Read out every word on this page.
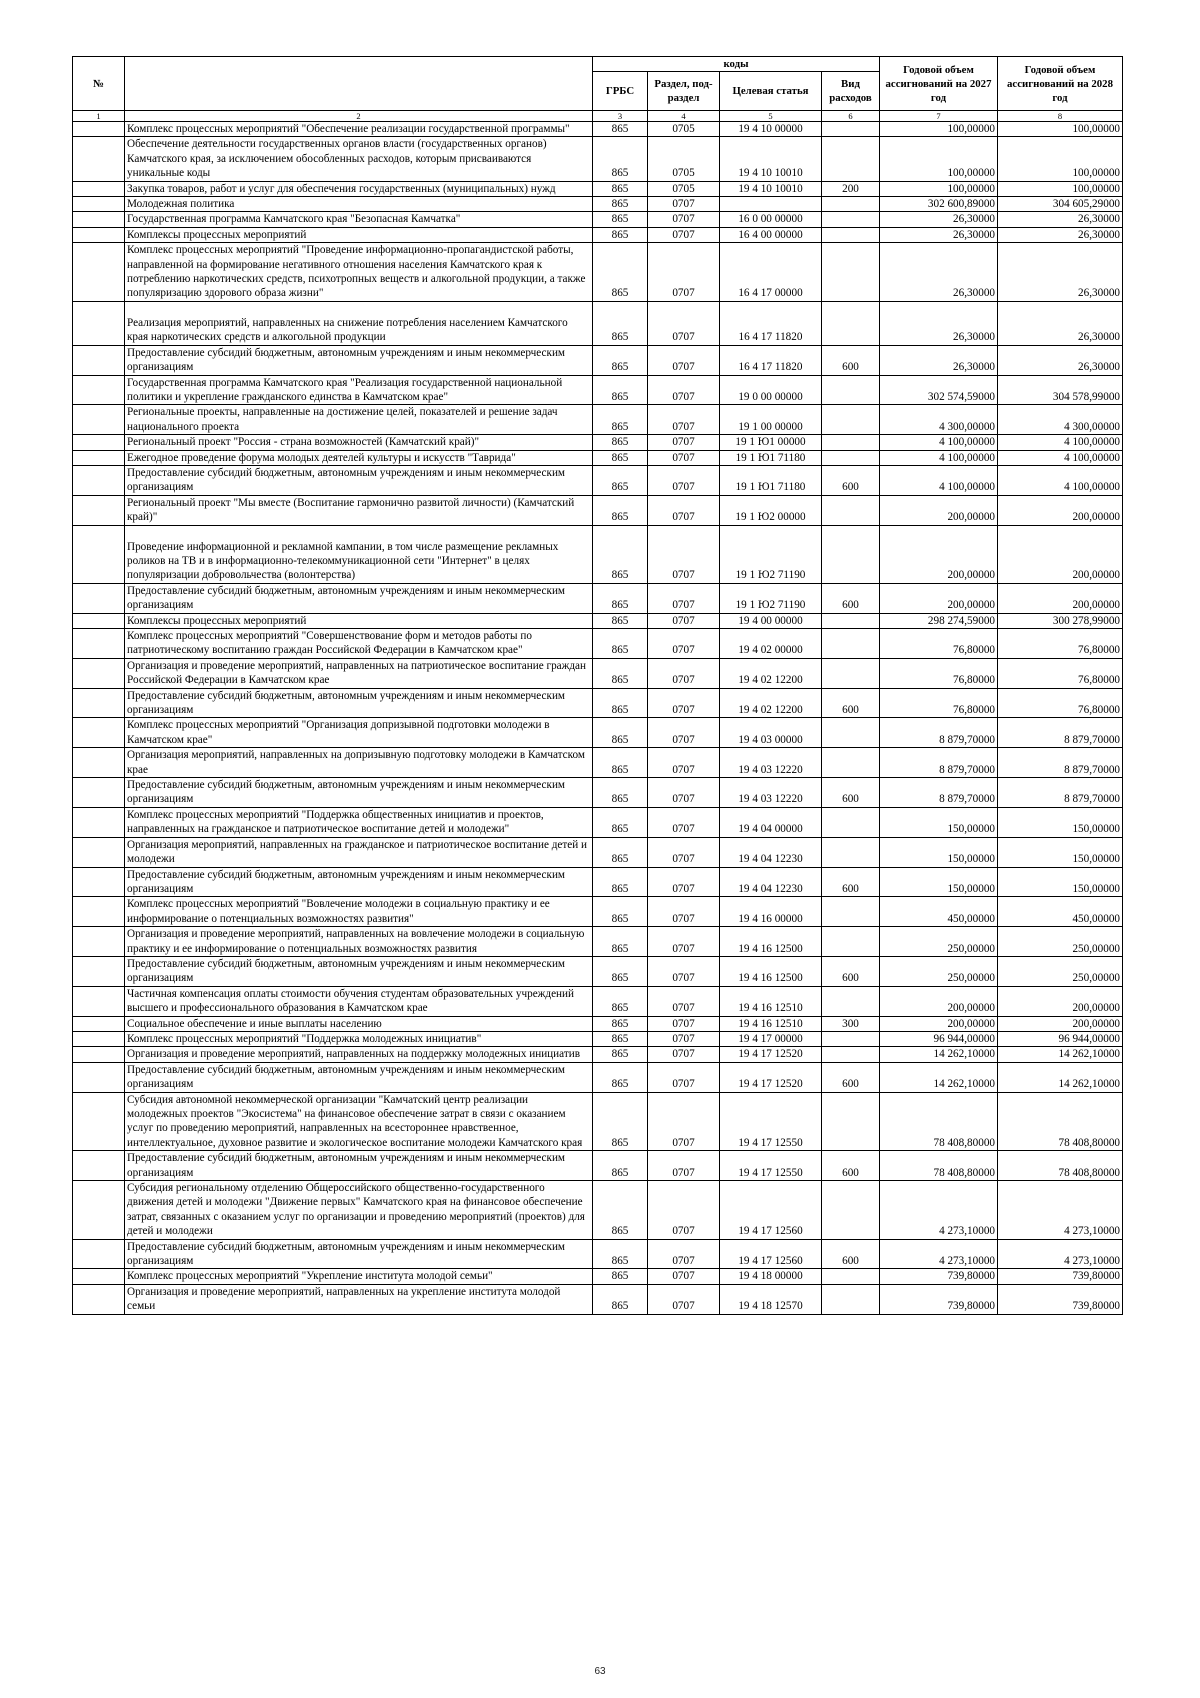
№		коды				Годовой объем ассигнований на 2027 год	Годовой объем ассигнований на 2028 год
		ГРБС	Раздел, под-раздел	Целевая статья	Вид расходов		
1	2	3	4	5	6	7	8
	Комплекс процессных мероприятий "Обеспечение реализации государственной программы"	865	0705	19 4 10 00000		100,00000	100,00000
	Обеспечение деятельности государственных органов власти (государственных органов) Камчатского края, за исключением обособленных расходов, которым присваиваются уникальные коды	865	0705	19 4 10 10010		100,00000	100,00000
	Закупка товаров, работ и услуг для обеспечения государственных (муниципальных) нужд	865	0705	19 4 10 10010	200	100,00000	100,00000
	Молодежная политика	865	0707			302 600,89000	304 605,29000
	Государственная программа Камчатского края "Безопасная Камчатка"	865	0707	16 0 00 00000		26,30000	26,30000
	Комплексы процессных мероприятий	865	0707	16 4 00 00000		26,30000	26,30000
	Комплекс процессных мероприятий "Проведение информационно-пропагандистской работы, направленной на формирование негативного отношения населения Камчатского края к потреблению наркотических средств, психотропных веществ и алкогольной продукции, а также популяризацию здорового образа жизни"	865	0707	16 4 17 00000		26,30000	26,30000
	Реализация мероприятий, направленных на снижение потребления населением Камчатского края наркотических средств и алкогольной продукции	865	0707	16 4 17 11820		26,30000	26,30000
	Предоставление субсидий бюджетным, автономным учреждениям и иным некоммерческим организациям	865	0707	16 4 17 11820	600	26,30000	26,30000
	Государственная программа Камчатского края "Реализация государственной национальной политики и укрепление гражданского единства в Камчатском крае"	865	0707	19 0 00 00000		302 574,59000	304 578,99000
	Региональные проекты, направленные на достижение целей, показателей и решение задач национального проекта	865	0707	19 1 00 00000		4 300,00000	4 300,00000
	Региональный проект "Россия - страна возможностей (Камчатский край)"	865	0707	19 1 Ю1 00000		4 100,00000	4 100,00000
	Ежегодное проведение форума молодых деятелей культуры и искусств "Таврида"	865	0707	19 1 Ю1 71180		4 100,00000	4 100,00000
	Предоставление субсидий бюджетным, автономным учреждениям и иным некоммерческим организациям	865	0707	19 1 Ю1 71180	600	4 100,00000	4 100,00000
	Региональный проект "Мы вместе (Воспитание гармонично развитой личности) (Камчатский край)"	865	0707	19 1 Ю2 00000		200,00000	200,00000
	Проведение информационной и рекламной кампании, в том числе размещение рекламных роликов на ТВ и в информационно-телекоммуникационной сети "Интернет" в целях популяризации добровольчества (волонтерства)	865	0707	19 1 Ю2 71190		200,00000	200,00000
	Предоставление субсидий бюджетным, автономным учреждениям и иным некоммерческим организациям	865	0707	19 1 Ю2 71190	600	200,00000	200,00000
	Комплексы процессных мероприятий	865	0707	19 4 00 00000		298 274,59000	300 278,99000
	Комплекс процессных мероприятий "Совершенствование форм и методов работы по патриотическому воспитанию граждан Российской Федерации в Камчатском крае"	865	0707	19 4 02 00000		76,80000	76,80000
	Организация и проведение мероприятий, направленных на патриотическое воспитание граждан Российской Федерации в Камчатском крае	865	0707	19 4 02 12200		76,80000	76,80000
	Предоставление субсидий бюджетным, автономным учреждениям и иным некоммерческим организациям	865	0707	19 4 02 12200	600	76,80000	76,80000
	Комплекс процессных мероприятий "Организация допризывной подготовки молодежи в Камчатском крае"	865	0707	19 4 03 00000		8 879,70000	8 879,70000
	Организация мероприятий, направленных на допризывную подготовку молодежи в Камчатском крае	865	0707	19 4 03 12220		8 879,70000	8 879,70000
	Предоставление субсидий бюджетным, автономным учреждениям и иным некоммерческим организациям	865	0707	19 4 03 12220	600	8 879,70000	8 879,70000
	Комплекс процессных мероприятий "Поддержка общественных инициатив и проектов, направленных на гражданское и патриотическое воспитание детей и молодежи"	865	0707	19 4 04 00000		150,00000	150,00000
	Организация мероприятий, направленных на гражданское и патриотическое воспитание детей и молодежи	865	0707	19 4 04 12230		150,00000	150,00000
	Предоставление субсидий бюджетным, автономным учреждениям и иным некоммерческим организациям	865	0707	19 4 04 12230	600	150,00000	150,00000
	Комплекс процессных мероприятий "Вовлечение молодежи в социальную практику и ее информирование о потенциальных возможностях развития"	865	0707	19 4 16 00000		450,00000	450,00000
	Организация и проведение мероприятий, направленных на вовлечение молодежи в социальную практику и ее информирование о потенциальных возможностях развития	865	0707	19 4 16 12500		250,00000	250,00000
	Предоставление субсидий бюджетным, автономным учреждениям и иным некоммерческим организациям	865	0707	19 4 16 12500	600	250,00000	250,00000
	Частичная компенсация оплаты стоимости обучения студентам образовательных учреждений высшего и профессионального образования в Камчатском крае	865	0707	19 4 16 12510		200,00000	200,00000
	Социальное обеспечение и иные выплаты населению	865	0707	19 4 16 12510	300	200,00000	200,00000
	Комплекс процессных мероприятий "Поддержка молодежных инициатив"	865	0707	19 4 17 00000		96 944,00000	96 944,00000
	Организация и проведение мероприятий, направленных на поддержку молодежных инициатив	865	0707	19 4 17 12520		14 262,10000	14 262,10000
	Предоставление субсидий бюджетным, автономным учреждениям и иным некоммерческим организациям	865	0707	19 4 17 12520	600	14 262,10000	14 262,10000
	Субсидия автономной некоммерческой организации "Камчатский центр реализации молодежных проектов "Экосистема" на финансовое обеспечение затрат в связи с оказанием услуг по проведению мероприятий, направленных на всестороннее нравственное, интеллектуальное, духовное развитие и экологическое воспитание молодежи Камчатского края	865	0707	19 4 17 12550		78 408,80000	78 408,80000
	Предоставление субсидий бюджетным, автономным учреждениям и иным некоммерческим организациям	865	0707	19 4 17 12550	600	78 408,80000	78 408,80000
	Субсидия региональному отделению Общероссийского общественно-государственного движения детей и молодежи "Движение первых" Камчатского края на финансовое обеспечение затрат, связанных с оказанием услуг по организации и проведению мероприятий (проектов) для детей и молодежи	865	0707	19 4 17 12560		4 273,10000	4 273,10000
	Предоставление субсидий бюджетным, автономным учреждениям и иным некоммерческим организациям	865	0707	19 4 17 12560	600	4 273,10000	4 273,10000
	Комплекс процессных мероприятий "Укрепление института молодой семьи"	865	0707	19 4 18 00000		739,80000	739,80000
	Организация и проведение мероприятий, направленных на укрепление института молодой семьи	865	0707	19 4 18 12570		739,80000	739,80000
63
